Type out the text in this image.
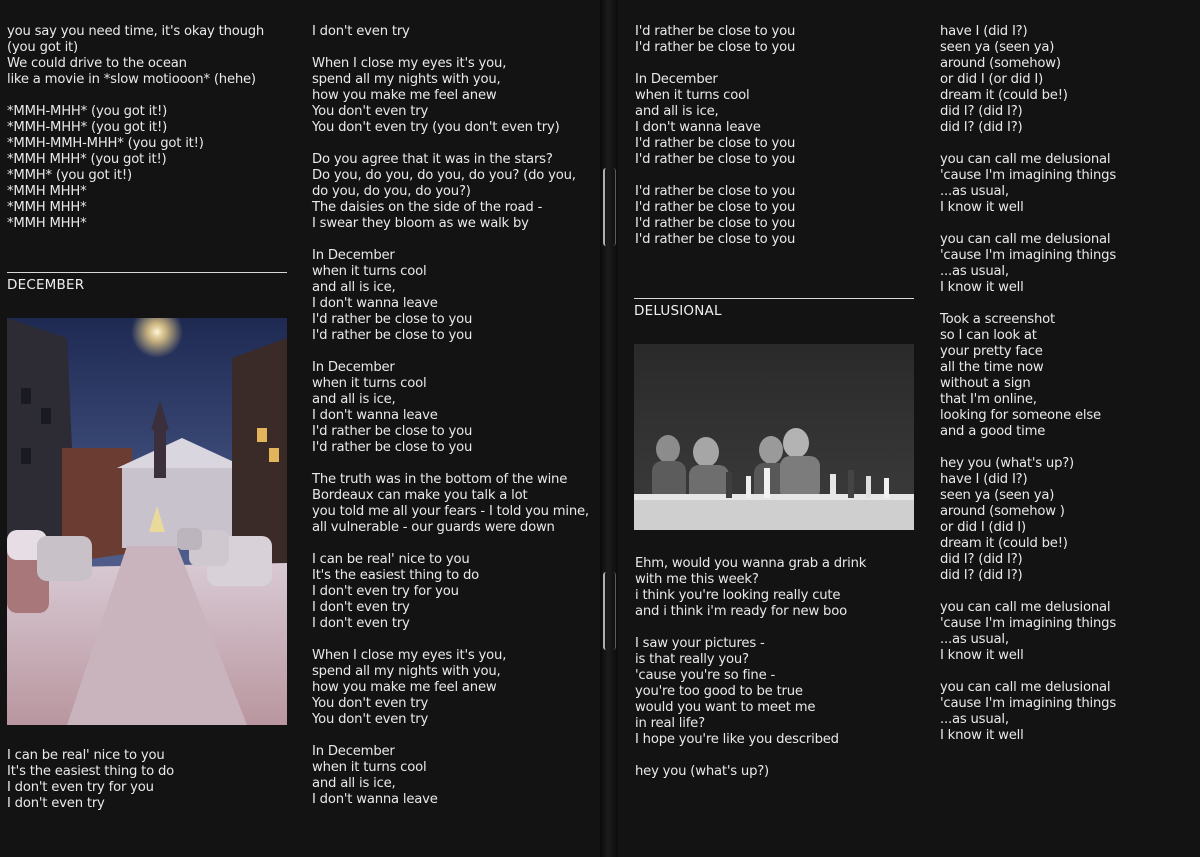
you say you need time, it's okay though
(you got it)
We could drive to the ocean
like a movie in *slow motiooon* (hehe)
*MMH-MHH* (you got it!)
*MMH-MHH* (you got it!)
*MMH-MMH-MHH* (you got it!)
*MMH MHH* (you got it!)
*MMH* (you got it!)
*MMH MHH*
*MMH MHH*
*MMH MHH*
DECEMBER
I can be real' nice to you
It's the easiest thing to do
I don't even try for you
I don't even try
I don't even try
When I close my eyes it's you,
spend all my nights with you,
how you make me feel anew
You don't even try
You don't even try (you don't even try)
Do you agree that it was in the stars?
Do you, do you, do you, do you? (do you,
do you, do you, do you?)
The daisies on the side of the road -
I swear they bloom as we walk by
In December
when it turns cool
and all is ice,
I don't wanna leave
I'd rather be close to you
I'd rather be close to you
In December
when it turns cool
and all is ice,
I don't wanna leave
I'd rather be close to you
I'd rather be close to you
The truth was in the bottom of the wine
Bordeaux can make you talk a lot
you told me all your fears - I told you mine,
all vulnerable - our guards were down
I can be real' nice to you
It's the easiest thing to do
I don't even try for you
I don't even try
I don't even try
When I close my eyes it's you,
spend all my nights with you,
how you make me feel anew
You don't even try
You don't even try
In December
when it turns cool
and all is ice,
I don't wanna leave
I'd rather be close to you
I'd rather be close to you
In December
when it turns cool
and all is ice,
I don't wanna leave
I'd rather be close to you
I'd rather be close to you
I'd rather be close to you
I'd rather be close to you
I'd rather be close to you
I'd rather be close to you
DELUSIONAL
Ehm, would you wanna grab a drink
with me this week?
i think you're looking really cute
and i think i'm ready for new boo
I saw your pictures -
is that really you?
'cause you're so fine -
you're too good to be true
would you want to meet me
in real life?
I hope you're like you described
hey you (what's up?)
have I (did I?)
seen ya (seen ya)
around (somehow)
or did I (or did I)
dream it (could be!)
did I? (did I?)
did I? (did I?)
you can call me delusional
'cause I'm imagining things
...as usual,
I know it well
you can call me delusional
'cause I'm imagining things
...as usual,
I know it well
Took a screenshot
so I can look at
your pretty face
all the time now
without a sign
that I'm online,
looking for someone else
and a good time
hey you (what's up?)
have I (did I?)
seen ya (seen ya)
around (somehow )
or did I (did I)
dream it (could be!)
did I? (did I?)
did I? (did I?)
you can call me delusional
'cause I'm imagining things
...as usual,
I know it well
you can call me delusional
'cause I'm imagining things
...as usual,
I know it well
